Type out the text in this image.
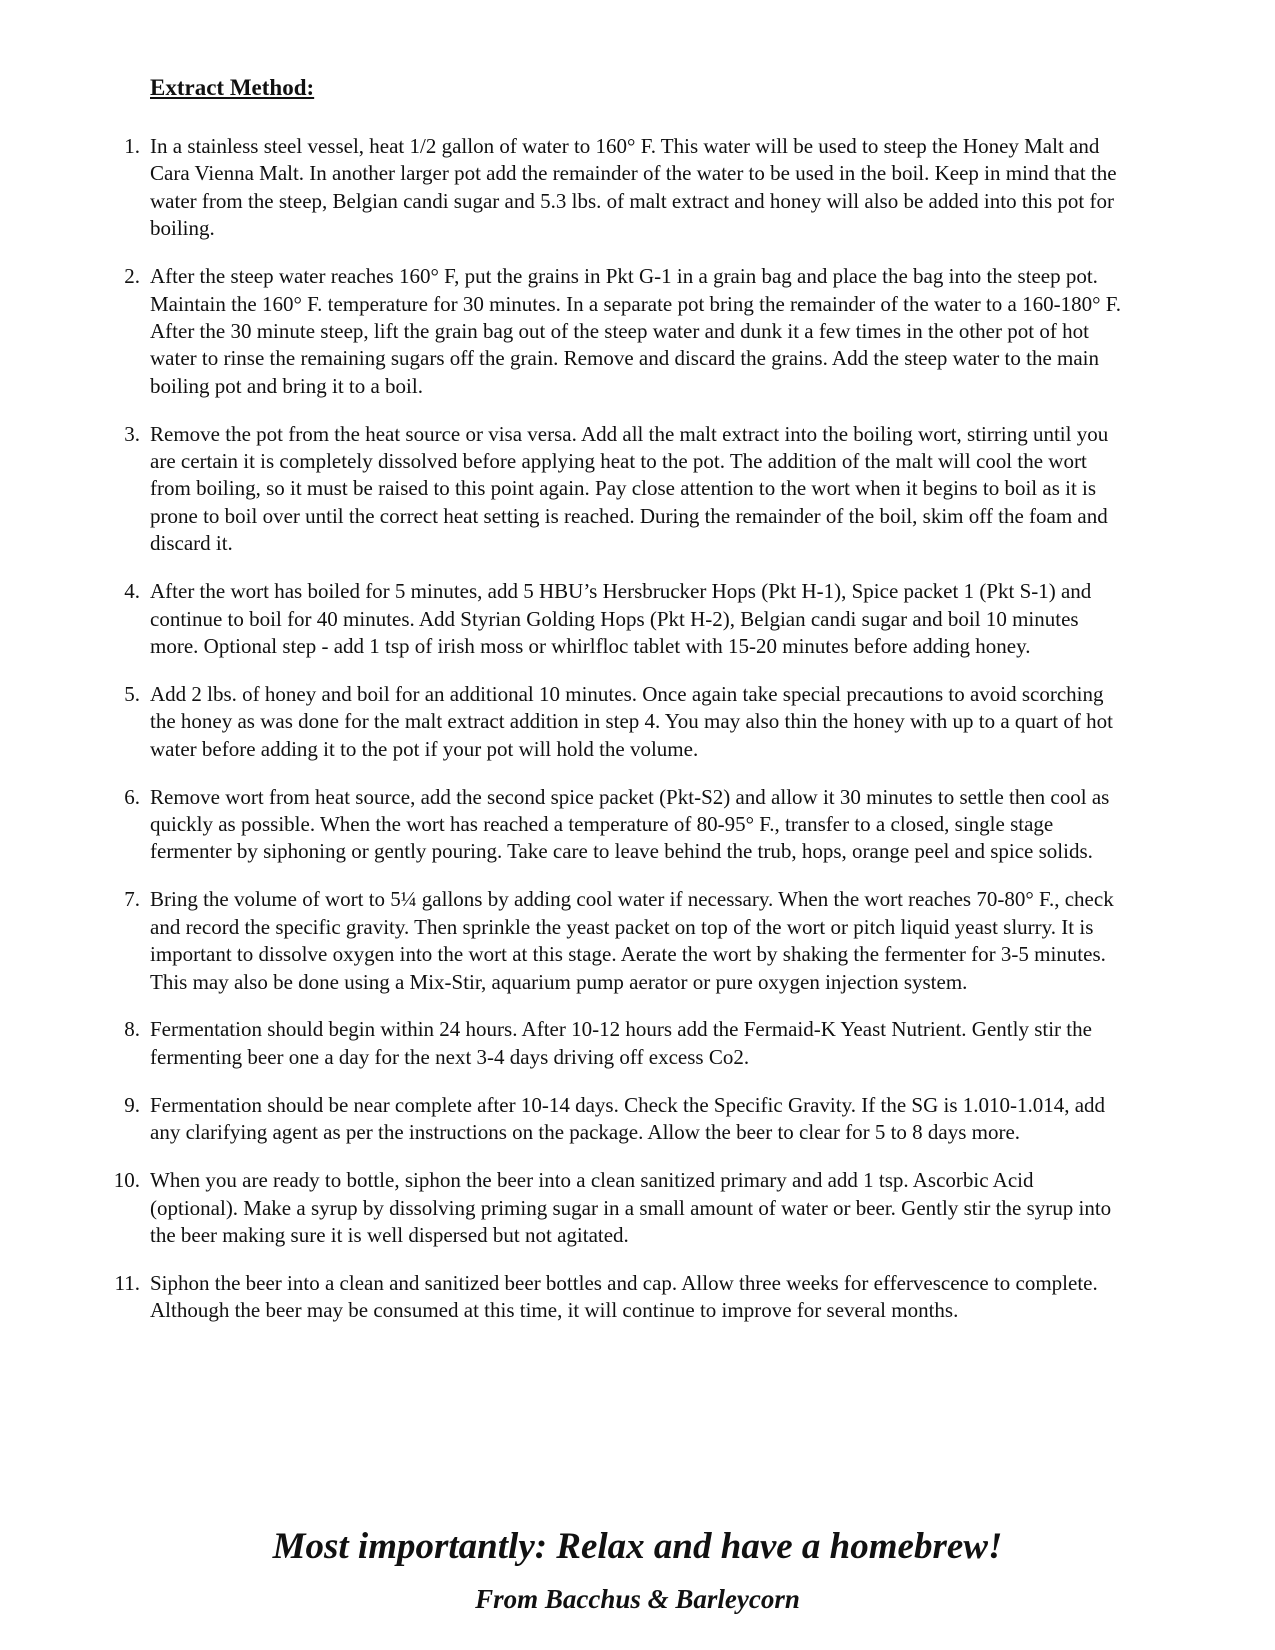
Extract Method:
1. In a stainless steel vessel, heat 1/2 gallon of water to 160° F. This water will be used to steep the Honey Malt and Cara Vienna Malt. In another larger pot add the remainder of the water to be used in the boil. Keep in mind that the water from the steep, Belgian candi sugar and 5.3 lbs. of malt extract and honey will also be added into this pot for boiling.
2. After the steep water reaches 160° F, put the grains in Pkt G-1 in a grain bag and place the bag into the steep pot. Maintain the 160° F. temperature for 30 minutes. In a separate pot bring the remainder of the water to a 160-180° F. After the 30 minute steep, lift the grain bag out of the steep water and dunk it a few times in the other pot of hot water to rinse the remaining sugars off the grain. Remove and discard the grains. Add the steep water to the main boiling pot and bring it to a boil.
3. Remove the pot from the heat source or visa versa. Add all the malt extract into the boiling wort, stirring until you are certain it is completely dissolved before applying heat to the pot. The addition of the malt will cool the wort from boiling, so it must be raised to this point again. Pay close attention to the wort when it begins to boil as it is prone to boil over until the correct heat setting is reached. During the remainder of the boil, skim off the foam and discard it.
4. After the wort has boiled for 5 minutes, add 5 HBU’s Hersbrucker Hops (Pkt H-1), Spice packet 1 (Pkt S-1) and continue to boil for 40 minutes. Add Styrian Golding Hops (Pkt H-2), Belgian candi sugar and boil 10 minutes more. Optional step - add 1 tsp of irish moss or whirlfloc tablet with 15-20 minutes before adding honey.
5. Add 2 lbs. of honey and boil for an additional 10 minutes. Once again take special precautions to avoid scorching the honey as was done for the malt extract addition in step 4. You may also thin the honey with up to a quart of hot water before adding it to the pot if your pot will hold the volume.
6. Remove wort from heat source, add the second spice packet (Pkt-S2) and allow it 30 minutes to settle then cool as quickly as possible. When the wort has reached a temperature of 80-95° F., transfer to a closed, single stage fermenter by siphoning or gently pouring. Take care to leave behind the trub, hops, orange peel and spice solids.
7. Bring the volume of wort to 5¼ gallons by adding cool water if necessary. When the wort reaches 70-80° F., check and record the specific gravity. Then sprinkle the yeast packet on top of the wort or pitch liquid yeast slurry. It is important to dissolve oxygen into the wort at this stage. Aerate the wort by shaking the fermenter for 3-5 minutes. This may also be done using a Mix-Stir, aquarium pump aerator or pure oxygen injection system.
8. Fermentation should begin within 24 hours. After 10-12 hours add the Fermaid-K Yeast Nutrient. Gently stir the fermenting beer one a day for the next 3-4 days driving off excess Co2.
9. Fermentation should be near complete after 10-14 days. Check the Specific Gravity. If the SG is 1.010-1.014, add any clarifying agent as per the instructions on the package. Allow the beer to clear for 5 to 8 days more.
10. When you are ready to bottle, siphon the beer into a clean sanitized primary and add 1 tsp. Ascorbic Acid (optional). Make a syrup by dissolving priming sugar in a small amount of water or beer. Gently stir the syrup into the beer making sure it is well dispersed but not agitated.
11. Siphon the beer into a clean and sanitized beer bottles and cap. Allow three weeks for effervescence to complete. Although the beer may be consumed at this time, it will continue to improve for several months.
Most importantly: Relax and have a homebrew!
From Bacchus & Barleycorn
